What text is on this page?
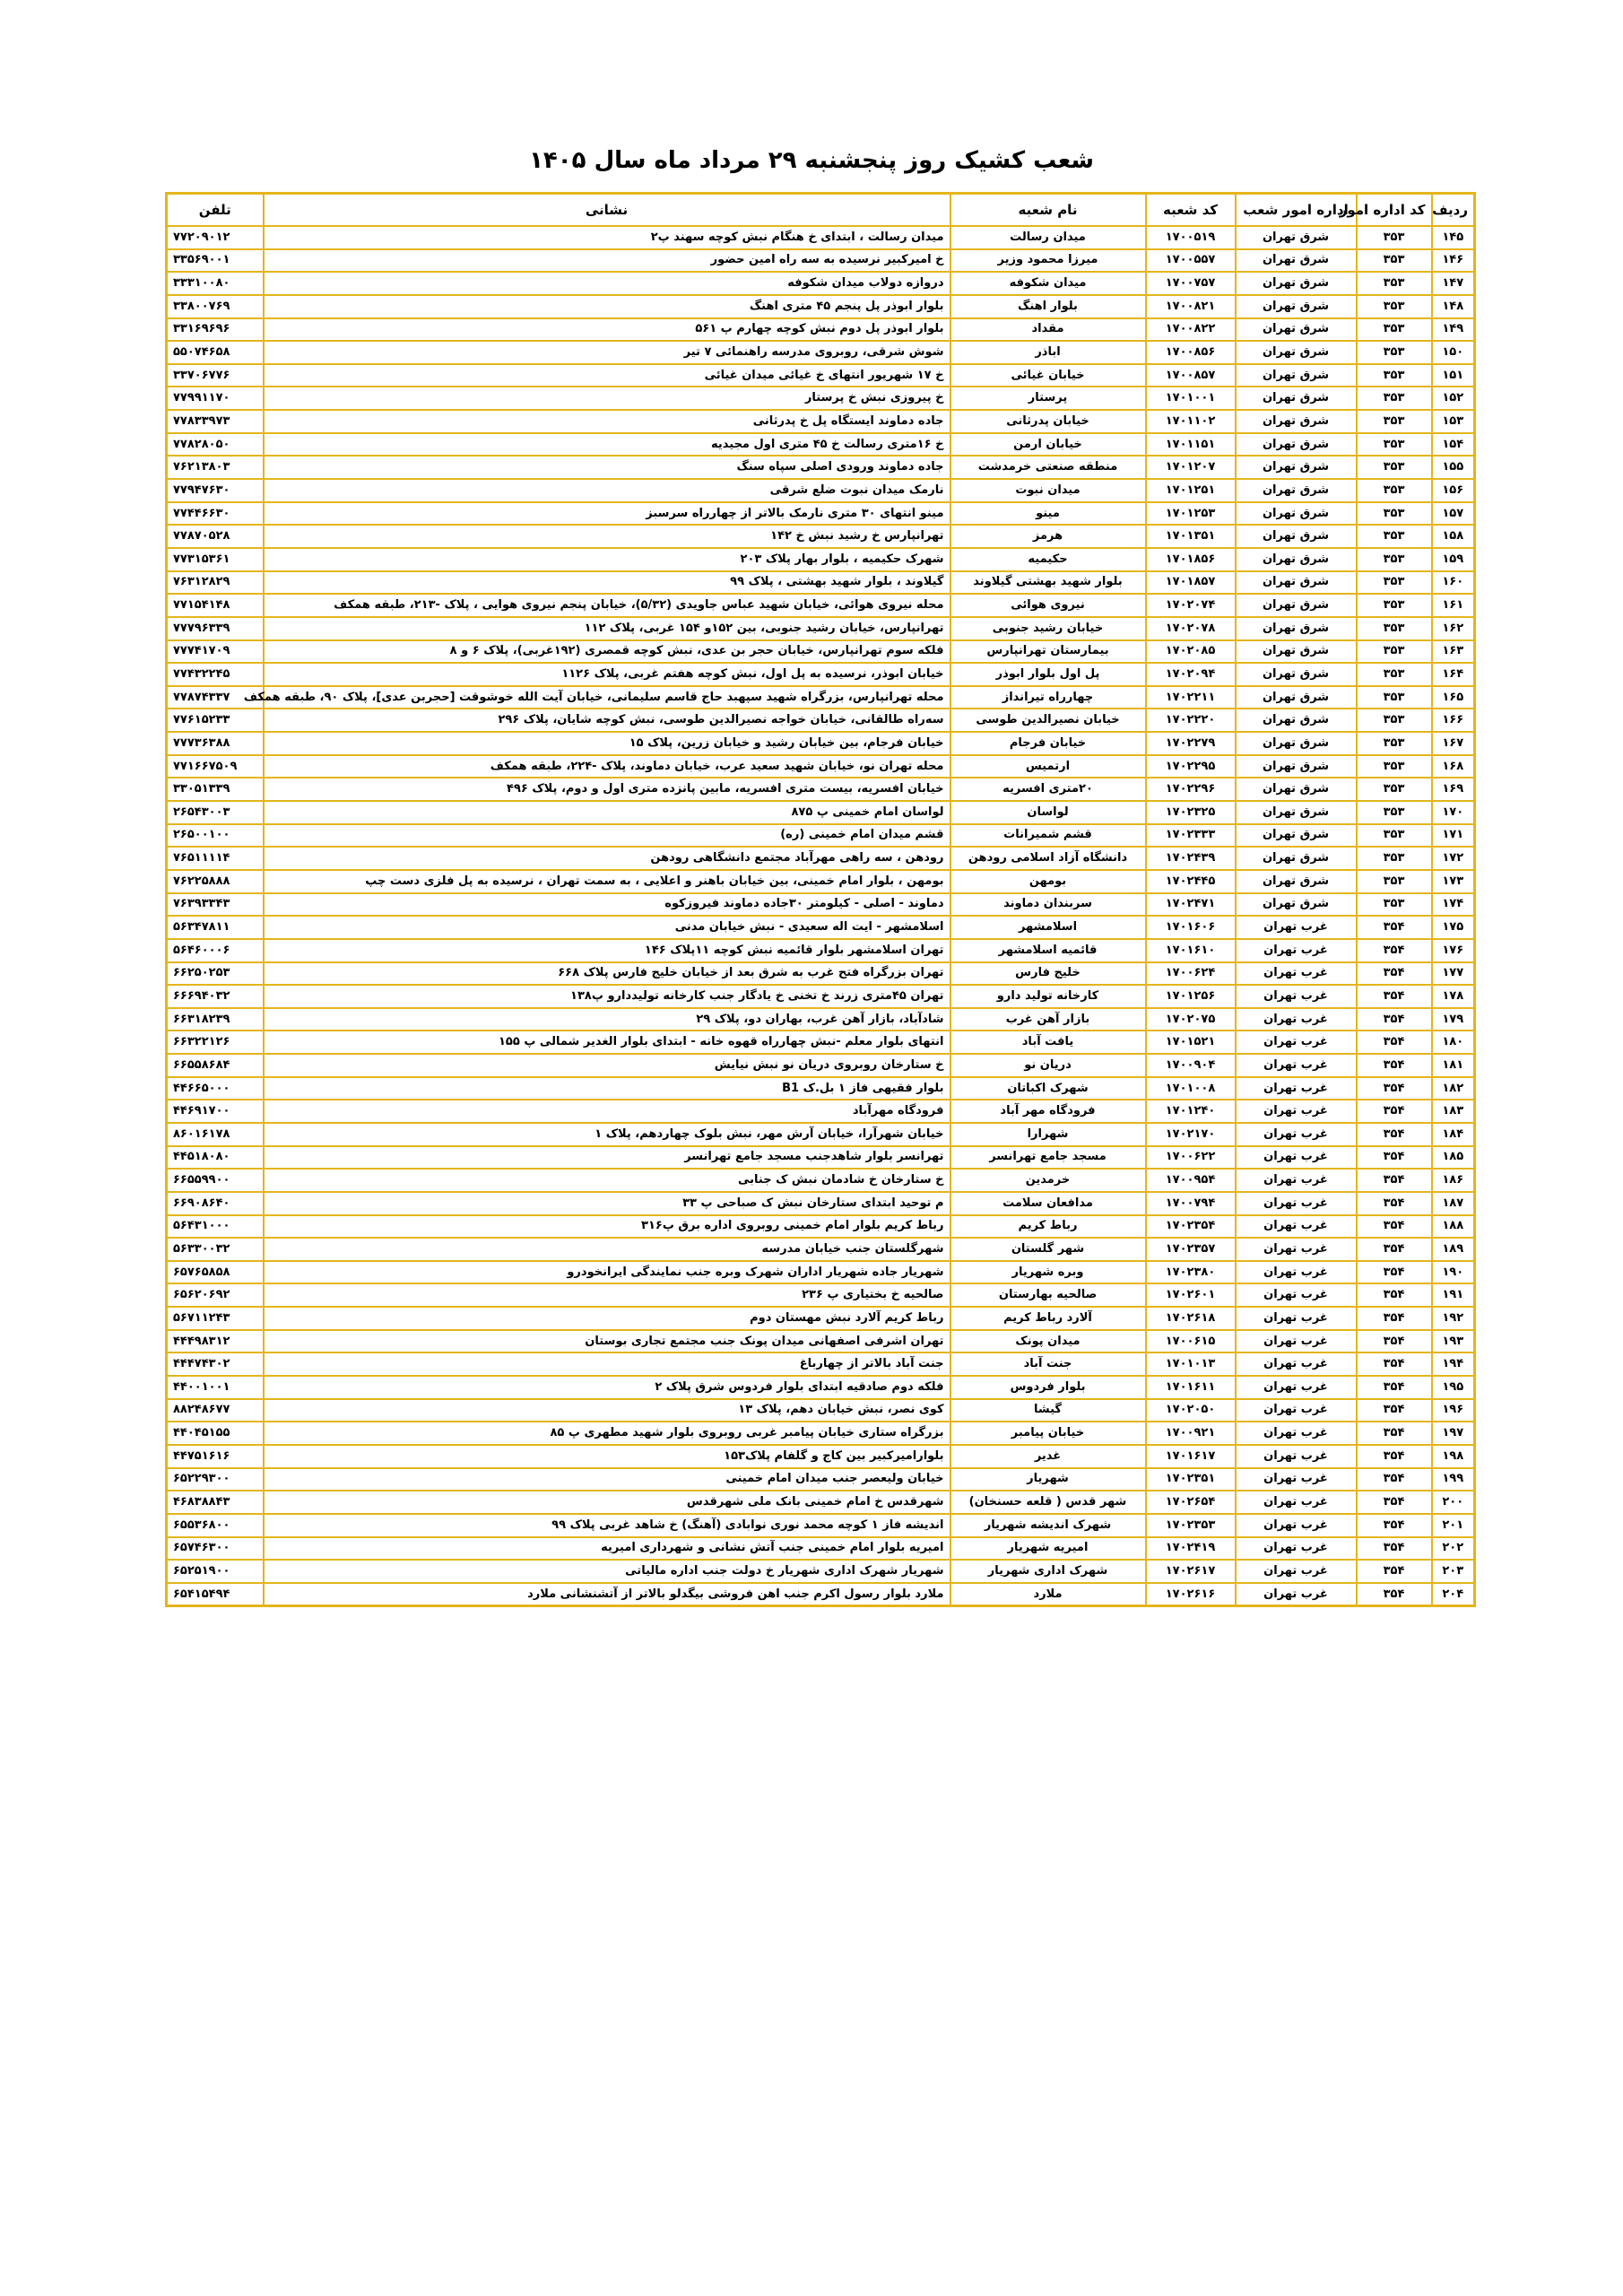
شعب کشیک روز پنجشنبه ۲۹ مرداد ماه سال ۱۴۰۵
ردیف	کد اداره امور	اداره امور شعب	کد شعبه	نام شعبه	نشانی	تلفن
۱۴۵	۳۵۳	شرق تهران	۱۷۰۰۵۱۹	میدان رسالت	میدان رسالت ، ابتدای خ هنگام نبش کوچه سهند پ۲	۷۷۲۰۹۰۱۲
۱۴۶	۳۵۳	شرق تهران	۱۷۰۰۵۵۷	میرزا محمود وزیر	خ امیرکبیر نرسیده به سه راه امین حضور	۳۳۵۶۹۰۰۱
۱۴۷	۳۵۳	شرق تهران	۱۷۰۰۷۵۷	میدان شکوفه	دروازه دولاب میدان شکوفه	۳۳۳۱۰۰۸۰
۱۴۸	۳۵۳	شرق تهران	۱۷۰۰۸۲۱	بلوار اهنگ	بلوار ابوذر پل پنجم ۴۵ متری اهنگ	۳۳۸۰۰۷۶۹
۱۴۹	۳۵۳	شرق تهران	۱۷۰۰۸۲۲	مقداد	بلوار ابوذر پل دوم نبش کوچه چهارم پ ۵۶۱	۳۳۱۶۹۶۹۶
۱۵۰	۳۵۳	شرق تهران	۱۷۰۰۸۵۶	اباذر	شوش شرقی، روبروی مدرسه راهنمائی ۷ تیر	۵۵۰۷۴۶۵۸
۱۵۱	۳۵۳	شرق تهران	۱۷۰۰۸۵۷	خیابان غیائی	خ ۱۷ شهریور انتهای خ غیائی میدان غیائی	۳۳۷۰۶۷۷۶
۱۵۲	۳۵۳	شرق تهران	۱۷۰۱۰۰۱	پرستار	خ پیروزی نبش خ پرستار	۷۷۹۹۱۱۷۰
۱۵۳	۳۵۳	شرق تهران	۱۷۰۱۱۰۲	خیابان پدرثانی	جاده دماوند ایستگاه پل خ پدرثانی	۷۷۸۳۳۹۷۳
۱۵۴	۳۵۳	شرق تهران	۱۷۰۱۱۵۱	خیابان ارمن	خ ۱۶متری رسالت خ ۴۵ متری اول مجیدیه	۷۷۸۲۸۰۵۰
۱۵۵	۳۵۳	شرق تهران	۱۷۰۱۲۰۷	منطقه صنعتی خرمدشت	جاده دماوند ورودی اصلی سپاه سنگ	۷۶۲۱۳۸۰۳
۱۵۶	۳۵۳	شرق تهران	۱۷۰۱۲۵۱	میدان نبوت	نارمک میدان نبوت ضلع شرقی	۷۷۹۴۷۶۳۰
۱۵۷	۳۵۳	شرق تهران	۱۷۰۱۲۵۳	مینو	مینو انتهای ۳۰ متری نارمک بالاتر از چهارراه سرسبز	۷۷۴۴۶۶۳۰
۱۵۸	۳۵۳	شرق تهران	۱۷۰۱۳۵۱	هرمز	تهرانپارس خ رشید نبش خ ۱۴۲	۷۷۸۷۰۵۲۸
۱۵۹	۳۵۳	شرق تهران	۱۷۰۱۸۵۶	حکیمیه	شهرک حکیمیه ، بلوار بهار پلاک ۲۰۳	۷۷۳۱۵۳۶۱
۱۶۰	۳۵۳	شرق تهران	۱۷۰۱۸۵۷	بلوار شهید بهشتی گیلاوند	گیلاوند ، بلوار شهید بهشتی ، پلاک ۹۹	۷۶۳۱۲۸۲۹
۱۶۱	۳۵۳	شرق تهران	۱۷۰۲۰۷۴	نیروی هوائی	محله نیروی هوائی، خیابان شهید عباس جاویدی (۵/۳۲)، خیابان پنجم نیروی هوایی ، پلاک -۲۱۳، طبقه همکف	۷۷۱۵۴۱۴۸
۱۶۲	۳۵۳	شرق تهران	۱۷۰۲۰۷۸	خیابان رشید جنوبی	تهرانپارس، خیابان رشید جنوبی، بین ۱۵۲و ۱۵۴ غربی، پلاک ۱۱۲	۷۷۷۹۶۳۳۹
۱۶۳	۳۵۳	شرق تهران	۱۷۰۲۰۸۵	بیمارستان تهرانپارس	فلکه سوم تهرانپارس، خیابان حجر بن عدی، نبش کوچه قمصری (۱۹۲غربی)، پلاک ۶ و ۸	۷۷۷۴۱۷۰۹
۱۶۴	۳۵۳	شرق تهران	۱۷۰۲۰۹۴	پل اول بلوار ابوذر	خیابان ابوذر، نرسیده به پل اول، نبش کوچه هفتم غربی، پلاک ۱۱۲۶	۷۷۴۳۲۲۴۵
۱۶۵	۳۵۳	شرق تهران	۱۷۰۲۲۱۱	چهارراه تیرانداز	محله تهرانپارس، بزرگراه شهید سپهبد حاج قاسم سلیمانی، خیابان آیت الله خوشوقت [حجربن عدی]، پلاک ۹۰، طبقه همکف	۷۷۸۷۴۳۳۷
۱۶۶	۳۵۳	شرق تهران	۱۷۰۲۲۲۰	خیابان نصیرالدین طوسی	سه‌راه طالقانی، خیابان خواجه نصیرالدین طوسی، نبش کوچه شایان، پلاک ۲۹۶	۷۷۶۱۵۲۳۳
۱۶۷	۳۵۳	شرق تهران	۱۷۰۲۲۷۹	خیابان فرجام	خیابان فرجام، بین خیابان رشید و خیابان زرین، پلاک ۱۵	۷۷۷۳۶۳۸۸
۱۶۸	۳۵۳	شرق تهران	۱۷۰۲۲۹۵	ارتمیس	محله تهران نو، خیابان شهید سعید عرب، خیابان دماوند، پلاک -۲۲۴، طبقه همکف	۷۷۱۶۶۷۵۰۹
۱۶۹	۳۵۳	شرق تهران	۱۷۰۲۲۹۶	۲۰متری افسریه	خیابان افسریه، بیست متری افسریه، مابین پانزده متری اول و دوم، پلاک ۴۹۶	۳۳۰۵۱۳۳۹
۱۷۰	۳۵۳	شرق تهران	۱۷۰۲۳۲۵	لواسان	لواسان امام خمینی پ ۸۷۵	۲۶۵۴۳۰۰۳
۱۷۱	۳۵۳	شرق تهران	۱۷۰۲۳۳۳	قشم شمیرانات	قشم میدان امام خمینی (ره)	۲۶۵۰۰۱۰۰
۱۷۲	۳۵۳	شرق تهران	۱۷۰۲۴۳۹	دانشگاه آزاد اسلامی رودهن	رودهن ، سه راهی مهرآباد مجتمع دانشگاهی رودهن	۷۶۵۱۱۱۱۴
۱۷۳	۳۵۳	شرق تهران	۱۷۰۲۴۴۵	بومهن	بومهن ، بلوار امام خمینی، بین خیابان باهنر و اعلایی ، به سمت تهران ، نرسیده به پل فلزی دست چپ	۷۶۲۲۵۸۸۸
۱۷۴	۳۵۳	شرق تهران	۱۷۰۲۴۷۱	سربندان دماوند	دماوند - اصلی - کیلومتر ۳۰جاده دماوند فیروزکوه	۷۶۳۹۳۳۴۳
۱۷۵	۳۵۴	غرب تهران	۱۷۰۱۶۰۶	اسلامشهر	اسلامشهر - ایت اله سعیدی - نبش خیابان مدنی	۵۶۳۴۷۸۱۱
۱۷۶	۳۵۴	غرب تهران	۱۷۰۱۶۱۰	قائمیه اسلامشهر	تهران اسلامشهر بلوار قائمیه نبش کوچه ۱۱پلاک ۱۴۶	۵۶۴۶۰۰۰۶
۱۷۷	۳۵۴	غرب تهران	۱۷۰۰۶۲۴	خلیج فارس	تهران بزرگراه فتح غرب به شرق بعد از خیابان خلیج فارس پلاک ۶۶۸	۶۶۲۵۰۲۵۳
۱۷۸	۳۵۴	غرب تهران	۱۷۰۱۲۵۶	کارخانه تولید دارو	تهران ۴۵متری زرند خ تخنی خ یادگار جنب کارخانه تولیددارو پ۱۳۸	۶۶۶۹۴۰۳۲
۱۷۹	۳۵۴	غرب تهران	۱۷۰۲۰۷۵	بازار آهن غرب	شادآباد، بازار آهن غرب، بهاران دو، پلاک ۲۹	۶۶۳۱۸۲۳۹
۱۸۰	۳۵۴	غرب تهران	۱۷۰۱۵۲۱	یافت آباد	انتهای بلوار معلم -نبش چهارراه قهوه خانه - ابتدای بلوار الغدیر شمالی پ ۱۵۵	۶۶۳۲۲۱۲۶
۱۸۱	۳۵۴	غرب تهران	۱۷۰۰۹۰۴	دریان نو	خ ستارخان روبروی دریان نو نبش نیایش	۶۶۵۵۸۶۸۴
۱۸۲	۳۵۴	غرب تهران	۱۷۰۱۰۰۸	شهرک اکباتان	بلوار فقیهی فاز ۱ بل.ک B1	۴۴۶۶۵۰۰۰
۱۸۳	۳۵۴	غرب تهران	۱۷۰۱۲۴۰	فرودگاه مهر آباد	فرودگاه مهرآباد	۴۴۶۹۱۷۰۰
۱۸۴	۳۵۴	غرب تهران	۱۷۰۲۱۷۰	شهرارا	خیابان شهرآرا، خیابان آرش مهر، نبش بلوک چهاردهم، پلاک ۱	۸۶۰۱۶۱۷۸
۱۸۵	۳۵۴	غرب تهران	۱۷۰۰۶۲۲	مسجد جامع تهرانسر	تهرانسر بلوار شاهدجنب مسجد جامع تهرانسر	۴۴۵۱۸۰۸۰
۱۸۶	۳۵۴	غرب تهران	۱۷۰۰۹۵۴	خرمدین	خ ستارخان خ شادمان نبش ک جنابی	۶۶۵۵۹۹۰۰
۱۸۷	۳۵۴	غرب تهران	۱۷۰۰۷۹۴	مدافعان سلامت	م توحید ابتدای ستارخان نبش ک صباحی پ ۳۳	۶۶۹۰۸۶۴۰
۱۸۸	۳۵۴	غرب تهران	۱۷۰۲۳۵۴	رباط کریم	رباط کریم بلوار امام خمینی روبروی اداره برق پ۳۱۶	۵۶۴۳۱۰۰۰
۱۸۹	۳۵۴	غرب تهران	۱۷۰۲۳۵۷	شهر گلستان	شهرگلستان جنب خیابان مدرسه	۵۶۳۳۰۰۳۲
۱۹۰	۳۵۴	غرب تهران	۱۷۰۲۳۸۰	وبره شهریار	شهریار جاده شهریار اداران شهرک وبره جنب نمایندگی ایرانخودرو	۶۵۷۶۵۸۵۸
۱۹۱	۳۵۴	غرب تهران	۱۷۰۲۶۰۱	صالحیه بهارستان	صالحیه خ بختیاری پ ۲۳۶	۶۵۶۲۰۶۹۲
۱۹۲	۳۵۴	غرب تهران	۱۷۰۲۶۱۸	آلارد رباط کریم	رباط کریم آلارد نبش مهستان دوم	۵۶۷۱۱۲۴۳
۱۹۳	۳۵۴	غرب تهران	۱۷۰۰۶۱۵	میدان پونک	تهران اشرفی اصفهانی میدان پونک جنب مجتمع تجاری بوستان	۴۴۴۹۸۳۱۲
۱۹۴	۳۵۴	غرب تهران	۱۷۰۱۰۱۳	جنت آباد	جنت آباد بالاتر از چهارباغ	۴۴۴۷۴۳۰۲
۱۹۵	۳۵۴	غرب تهران	۱۷۰۱۶۱۱	بلوار فردوس	فلکه دوم صادقیه ابتدای بلوار فردوس شرق پلاک ۲	۴۴۰۰۱۰۰۱
۱۹۶	۳۵۴	غرب تهران	۱۷۰۲۰۵۰	گیشا	کوی نصر، نبش خیابان دهم، پلاک ۱۳	۸۸۲۴۸۶۷۷
۱۹۷	۳۵۴	غرب تهران	۱۷۰۰۹۲۱	خیابان پیامبر	بزرگراه ستاری خیابان پیامبر غربی روبروی بلوار شهید مطهری پ ۸۵	۴۴۰۴۵۱۵۵
۱۹۸	۳۵۴	غرب تهران	۱۷۰۱۶۱۷	غدیر	بلوارامیرکبیر بین کاج و گلفام پلاک۱۵۳	۴۴۷۵۱۶۱۶
۱۹۹	۳۵۴	غرب تهران	۱۷۰۲۳۵۱	شهریار	خیابان ولیعصر جنب میدان امام خمینی	۶۵۲۲۹۳۰۰
۲۰۰	۳۵۴	غرب تهران	۱۷۰۲۶۵۴	شهر قدس ( قلعه حسنخان)	شهرقدس خ امام خمینی بانک ملی شهرقدس	۴۶۸۳۸۸۴۳
۲۰۱	۳۵۴	غرب تهران	۱۷۰۲۳۵۳	شهرک اندیشه شهریار	اندیشه فاز ۱ کوچه محمد نوری نوابادی (آهنگ) خ شاهد غربی پلاک ۹۹	۶۵۵۳۶۸۰۰
۲۰۲	۳۵۴	غرب تهران	۱۷۰۲۴۱۹	امیریه شهریار	امیریه بلوار امام خمینی جنب آتش نشانی و شهرداری امیریه	۶۵۷۴۶۳۰۰
۲۰۳	۳۵۴	غرب تهران	۱۷۰۲۶۱۷	شهرک اداری شهریار	شهریار شهرک اداری شهریار خ دولت جنب اداره مالیاتی	۶۵۲۵۱۹۰۰
۲۰۴	۳۵۴	غرب تهران	۱۷۰۲۶۱۶	ملارد	ملارد بلوار رسول اکرم جنب اهن فروشی بیگدلو بالاتر از آتشنشانی ملارد	۶۵۴۱۵۴۹۴
